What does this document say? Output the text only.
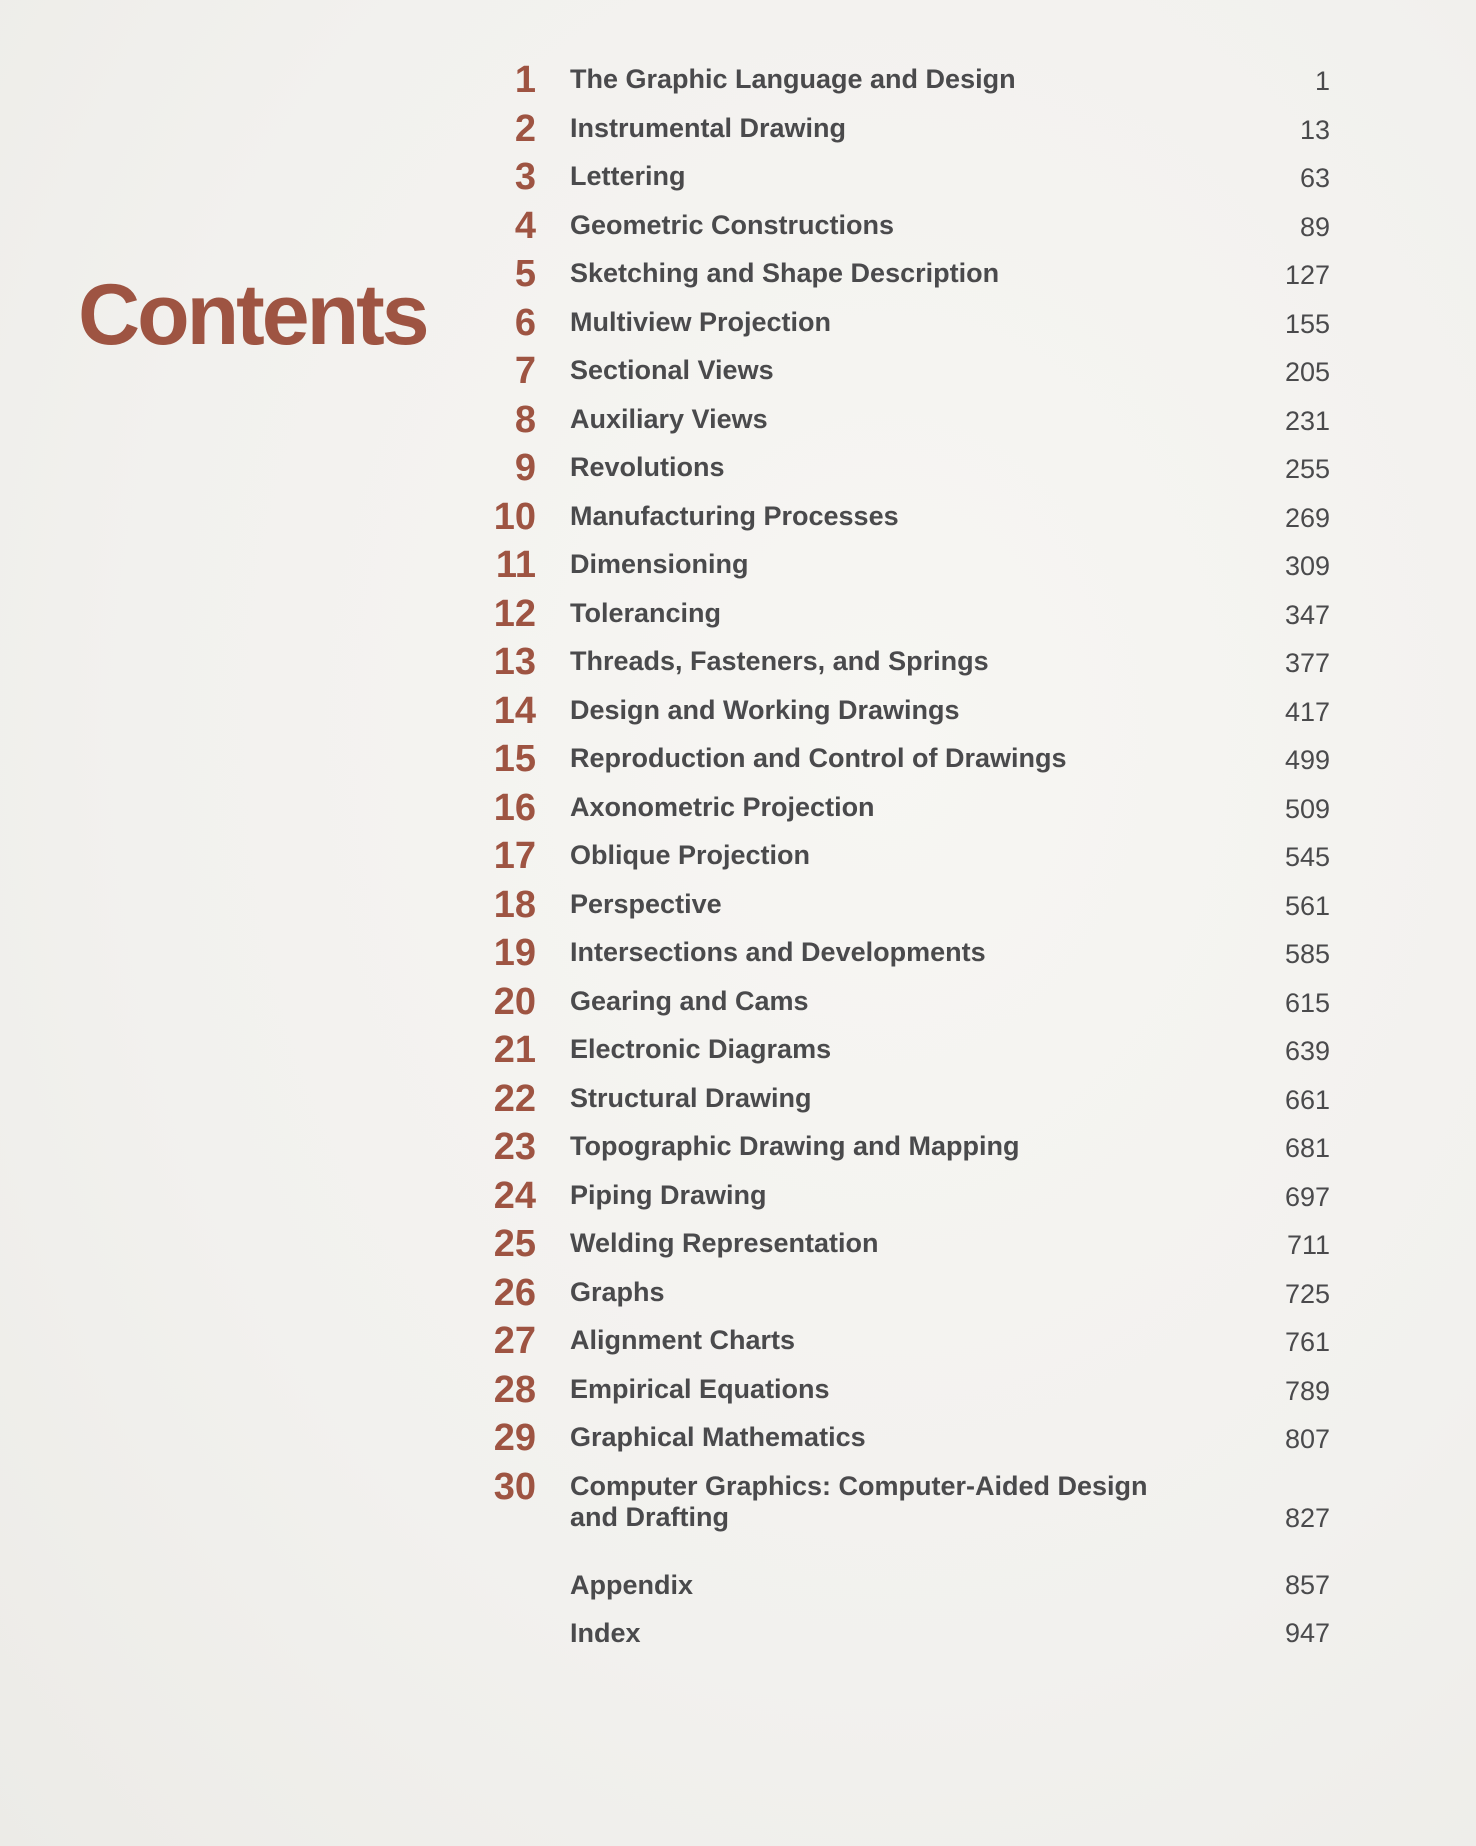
Contents
1 The Graphic Language and Design	1
2 Instrumental Drawing	13
3 Lettering	63
4 Geometric Constructions	89
5 Sketching and Shape Description	127
6 Multiview Projection	155
7 Sectional Views	205
8 Auxiliary Views	231
9 Revolutions	255
10 Manufacturing Processes	269
11 Dimensioning	309
12 Tolerancing	347
13 Threads, Fasteners, and Springs	377
14 Design and Working Drawings	417
15 Reproduction and Control of Drawings	499
16 Axonometric Projection	509
17 Oblique Projection	545
18 Perspective	561
19 Intersections and Developments	585
20 Gearing and Cams	615
21 Electronic Diagrams	639
22 Structural Drawing	661
23 Topographic Drawing and Mapping	681
24 Piping Drawing	697
25 Welding Representation	711
26 Graphs	725
27 Alignment Charts	761
28 Empirical Equations	789
29 Graphical Mathematics	807
30 Computer Graphics: Computer-Aided Design and Drafting	827
Appendix	857
Index	947
